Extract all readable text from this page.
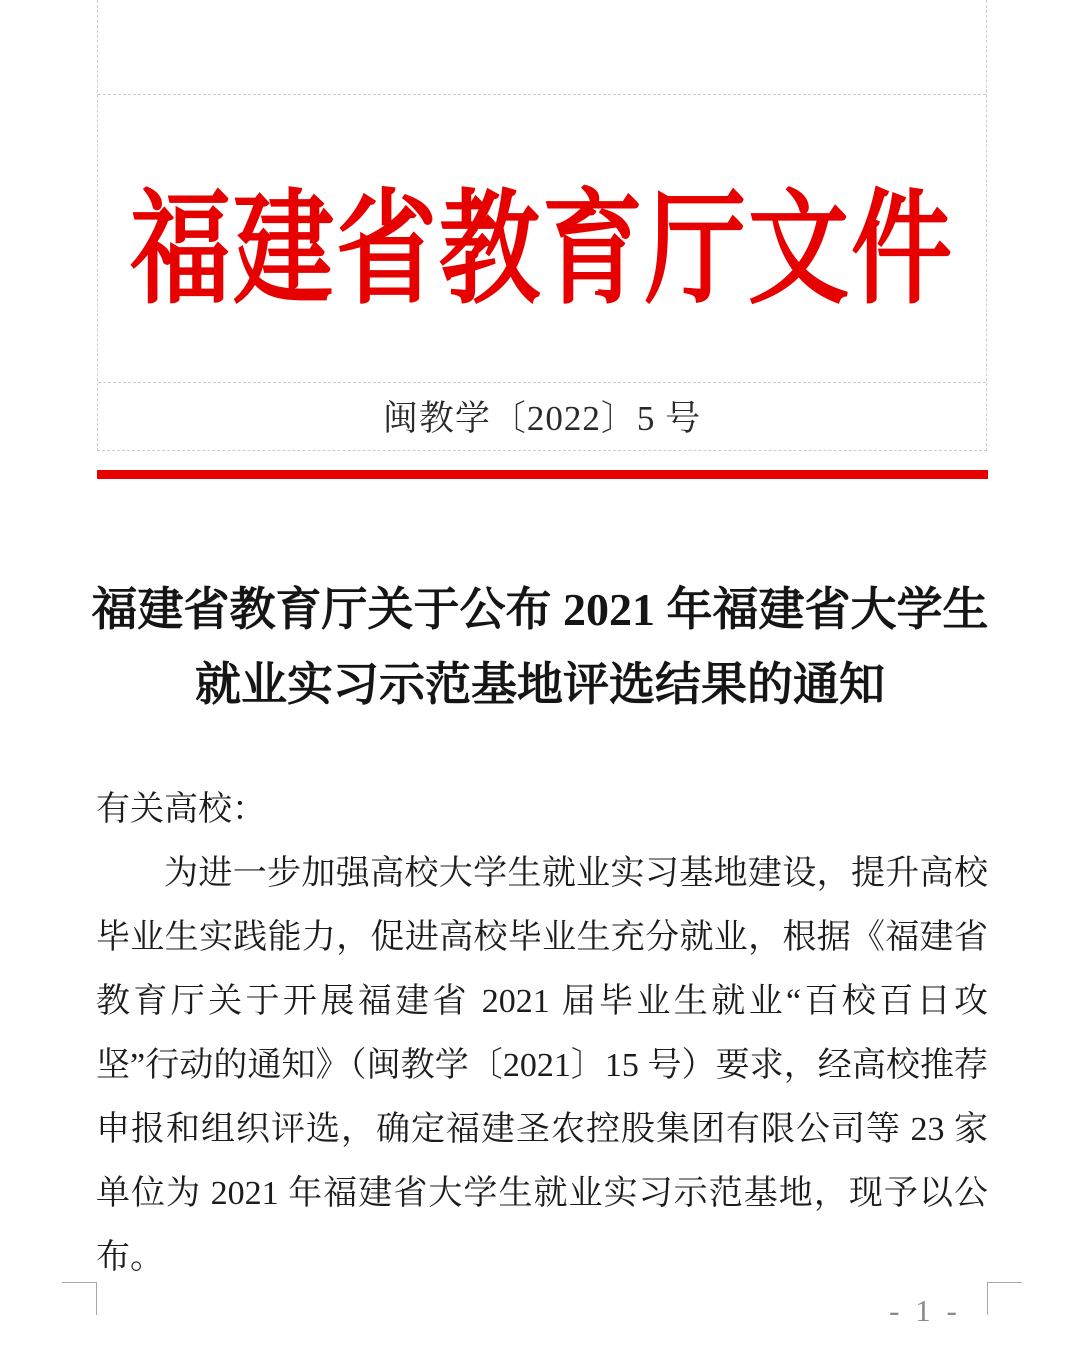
福建省教育厅文件
闽教学〔2022〕5 号
福建省教育厅关于公布 2021 年福建省大学生
就业实习示范基地评选结果的通知

有关高校：

为进一步加强高校大学生就业实习基地建设，提升高校毕业生实践能力，促进高校毕业生充分就业，根据《福建省教育厅关于开展福建省 2021 届毕业生就业“百校百日攻坚”行动的通知》（闽教学〔2021〕15 号）要求，经高校推荐申报和组织评选，确定福建圣农控股集团有限公司等 23 家单位为 2021 年福建省大学生就业实习示范基地，现予以公布。

- 1 -
